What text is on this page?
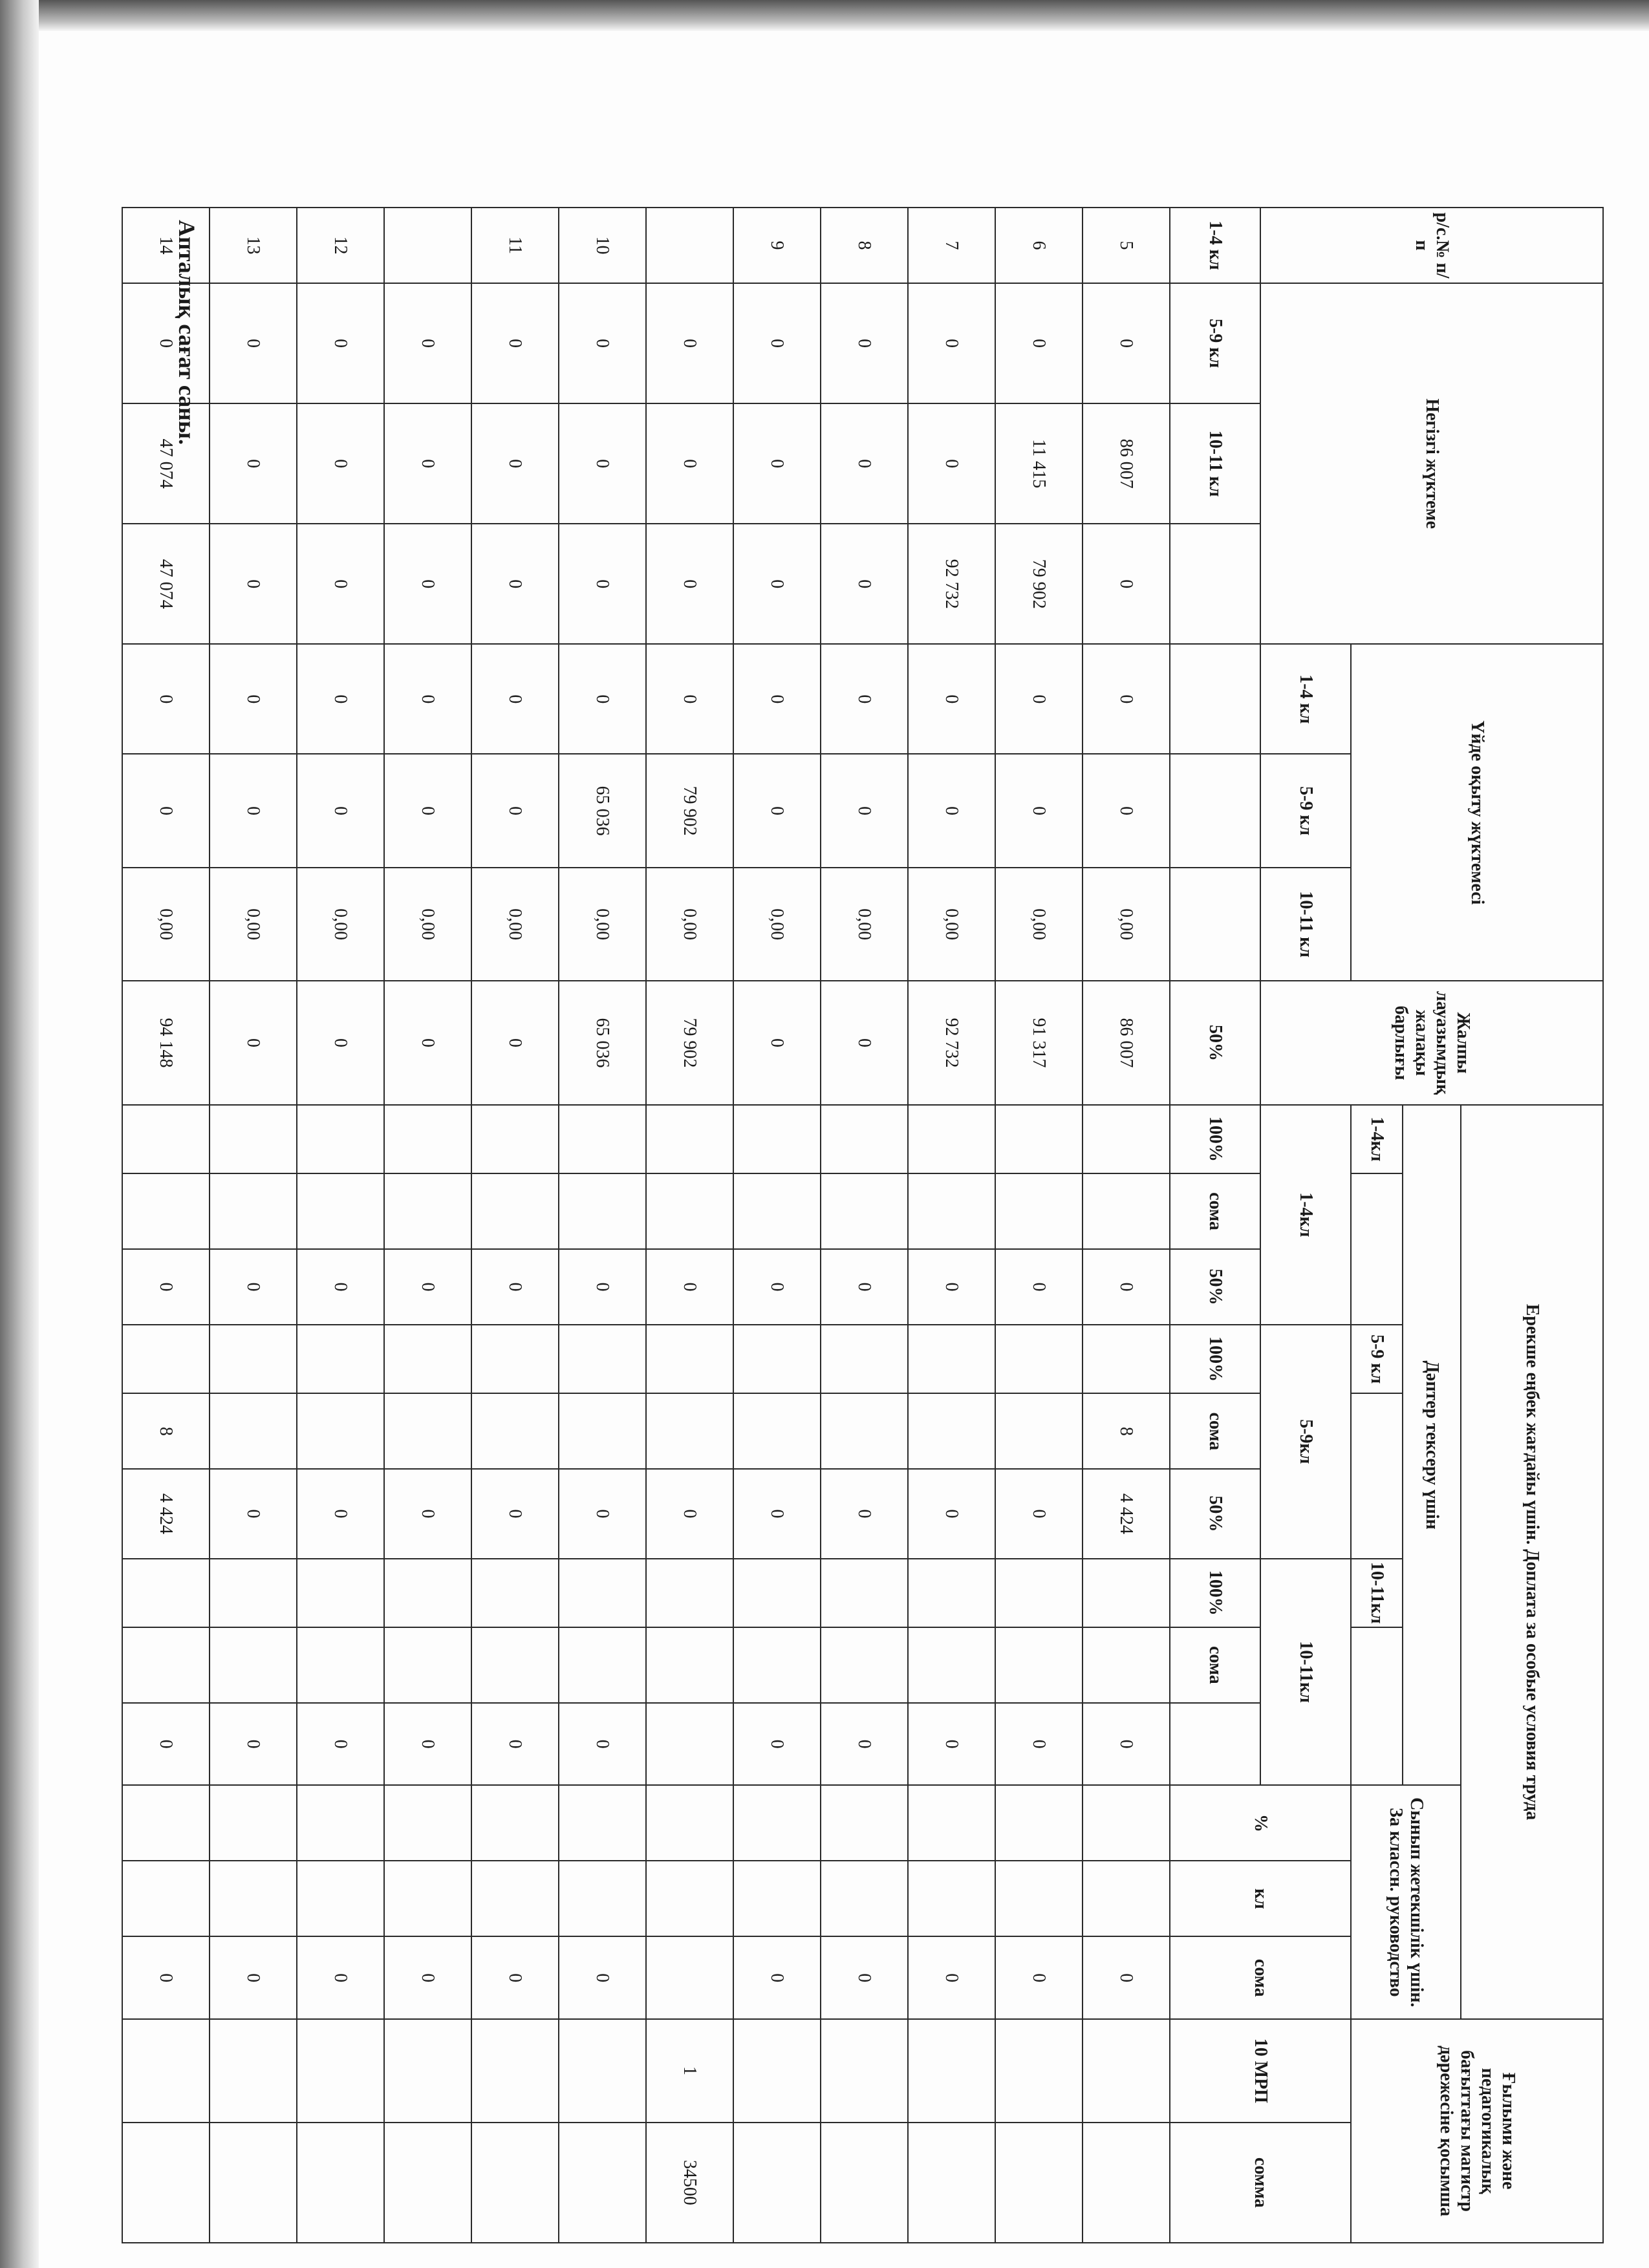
р/с.№ п/п	Негізгі жүктеме			Үйде оқыту жүктемесі			Жалпы лауазымдық жалақы барлығы	Ерекше еңбек жағдайы үшін. Доплата за особые условия труда												Ғылыми және педагогикалық бағыттағы магистр дәрежесіне қосымша	
								Дәптер тексеру үшін									Сынып жетекшілік үшін. За классн. руководство				
								1-4кл			5-9 кл			10-11кл							
				1-4 кл	5-9 кл	10-11 кл		1-4кл			5-9кл			10-11кл			%	кл	сома	10 МРП	сомма
1-4 кл	5-9 кл	10-11 кл					50%	100%	сома	50%	100%	сома	50%	100%	сома						
5	0	86 007	0	0	0	0,00	86 007			0		8	4 424			0			0		
6	0	11 415	79 902	0	0	0,00	91 317			0			0			0			0		
7	0	0	92 732	0	0	0,00	92 732			0			0			0			0		
8	0	0	0	0	0	0,00	0			0			0			0			0		
9	0	0	0	0	0	0,00	0			0			0			0			0		
	0	0	0	0	79 902	0,00	79 902			0			0							1	34500
10	0	0	0	0	65 036	0,00	65 036			0			0			0			0		
11	0	0	0	0	0	0,00	0			0			0			0			0		
	0	0	0	0	0	0,00	0			0			0			0			0		
12	0	0	0	0	0	0,00	0			0			0			0			0		
13	0	0	0	0	0	0,00	0			0			0			0			0		
14	0	47 074	47 074	0	0	0,00	94 148			0		8	4 424			0			0		
Апталық сағат саны.
